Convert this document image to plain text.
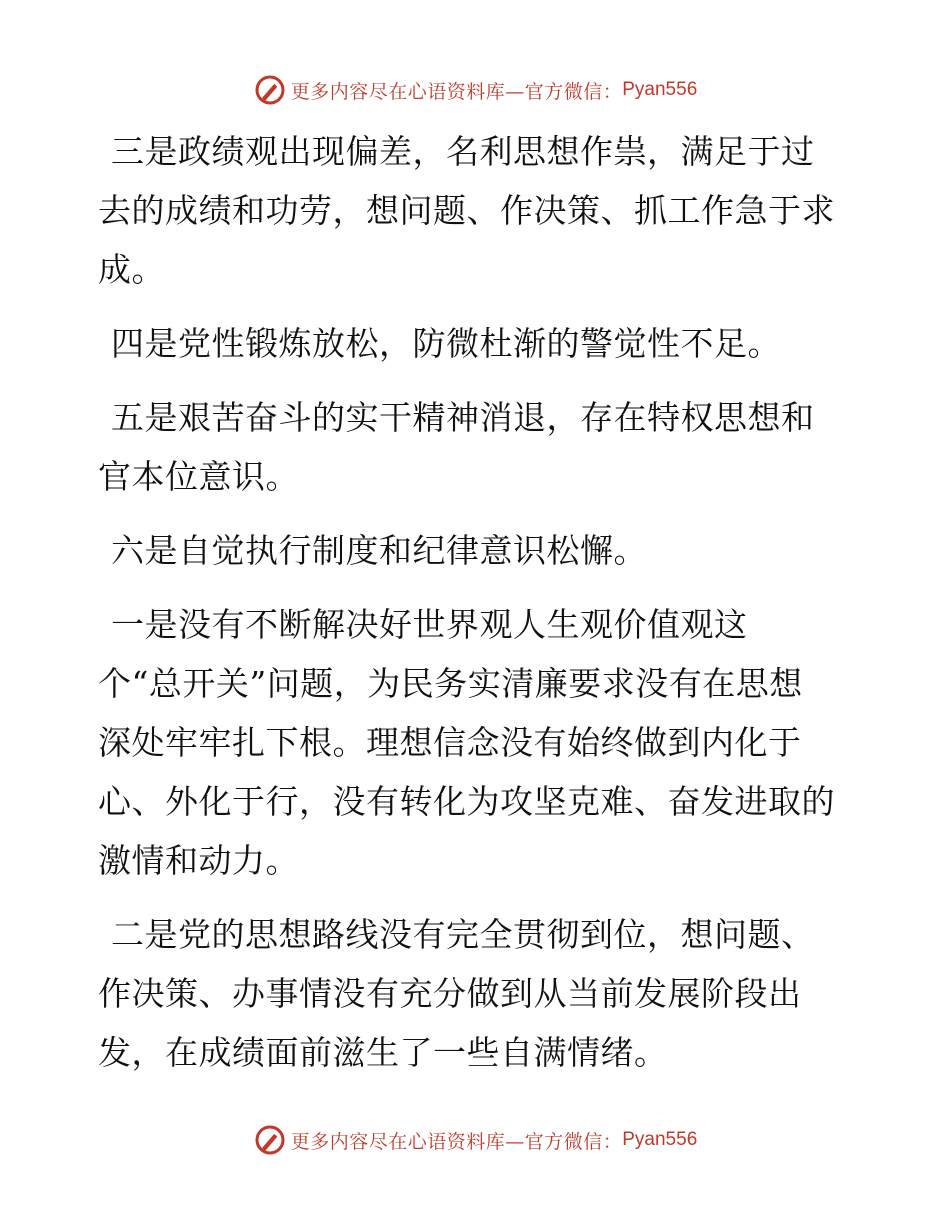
更多内容尽在心语资料库—官方微信： Pyan556

三是政绩观出现偏差，名利思想作祟，满足于过
去的成绩和功劳，想问题、作决策、抓工作急于求
成。

四是党性锻炼放松，防微杜渐的警觉性不足。

五是艰苦奋斗的实干精神消退，存在特权思想和
官本位意识。

六是自觉执行制度和纪律意识松懈。

一是没有不断解决好世界观人生观价值观这
个“总开关”问题，为民务实清廉要求没有在思想
深处牢牢扎下根。理想信念没有始终做到内化于
心、外化于行，没有转化为攻坚克难、奋发进取的
激情和动力。

二是党的思想路线没有完全贯彻到位，想问题、
作决策、办事情没有充分做到从当前发展阶段出
发，在成绩面前滋生了一些自满情绪。

更多内容尽在心语资料库—官方微信： Pyan556
